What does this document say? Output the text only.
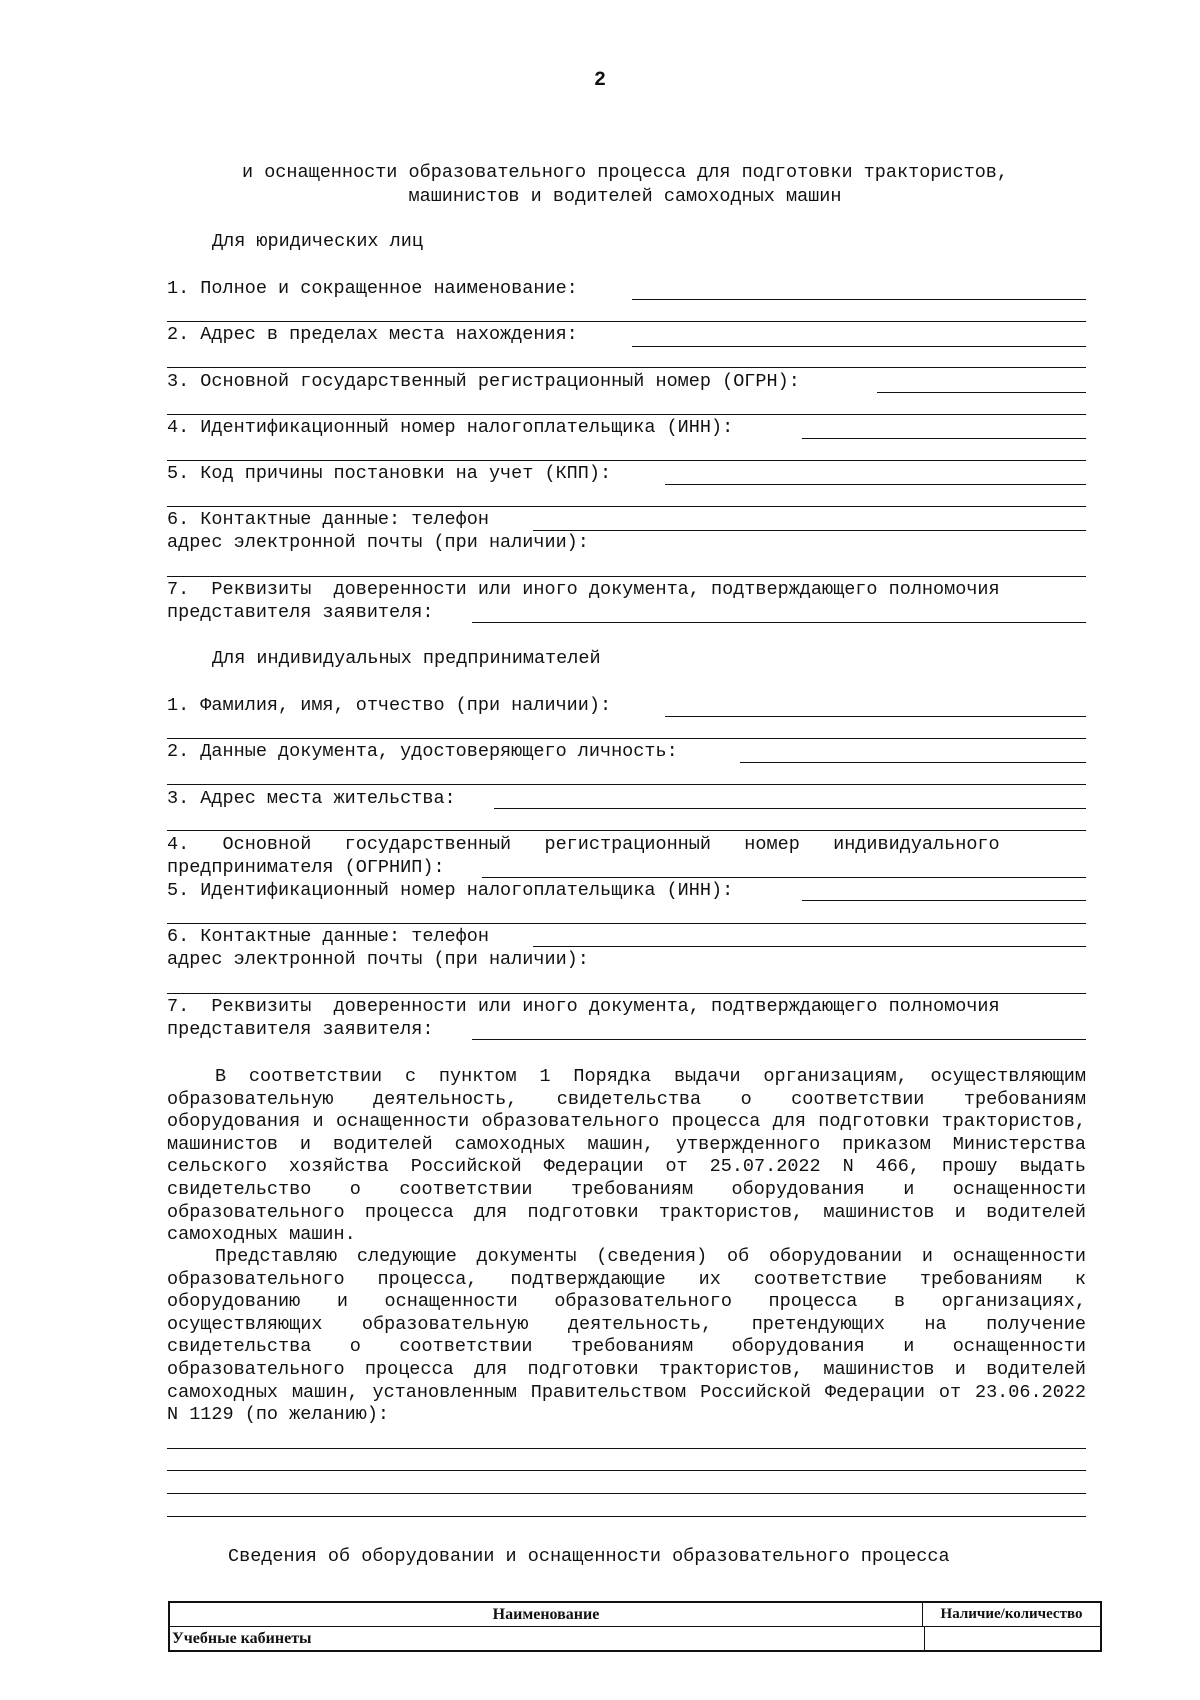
2
и оснащенности образовательного процесса для подготовки трактористов,
машинистов и водителей самоходных машин
Для юридических лиц
1. Полное и сокращенное наименование:
2. Адрес в пределах места нахождения:
3. Основной государственный регистрационный номер (ОГРН):
4. Идентификационный номер налогоплательщика (ИНН):
5. Код причины постановки на учет (КПП):
6. Контактные данные: телефон
адрес электронной почты (при наличии):
7.  Реквизиты  доверенности или иного документа, подтверждающего полномочия
представителя заявителя:
Для индивидуальных предпринимателей
1. Фамилия, имя, отчество (при наличии):
2. Данные документа, удостоверяющего личность:
3. Адрес места жительства:
4.   Основной   государственный   регистрационный   номер   индивидуального
предпринимателя (ОГРНИП):
5. Идентификационный номер налогоплательщика (ИНН):
6. Контактные данные: телефон
адрес электронной почты (при наличии):
7.  Реквизиты  доверенности или иного документа, подтверждающего полномочия
представителя заявителя:
В соответствии с пунктом 1 Порядка выдачи организациям, осуществляющим образовательную деятельность, свидетельства о соответствии требованиям оборудования и оснащенности образовательного процесса для подготовки трактористов, машинистов и водителей самоходных машин, утвержденного приказом Министерства сельского хозяйства Российской Федерации от 25.07.2022 N 466, прошу выдать свидетельство о соответствии требованиям оборудования и оснащенности образовательного процесса для подготовки трактористов, машинистов и водителей самоходных машин.
Представляю следующие документы (сведения) об оборудовании и оснащенности образовательного процесса, подтверждающие их соответствие требованиям к оборудованию и оснащенности образовательного процесса в организациях, осуществляющих образовательную деятельность, претендующих на получение свидетельства о соответствии требованиям оборудования и оснащенности образовательного процесса для подготовки трактористов, машинистов и водителей самоходных машин, установленным Правительством Российской Федерации от 23.06.2022 N 1129 (по желанию):
Сведения об оборудовании и оснащенности образовательного процесса
Наименование	Наличие/количество
Учебные кабинеты
